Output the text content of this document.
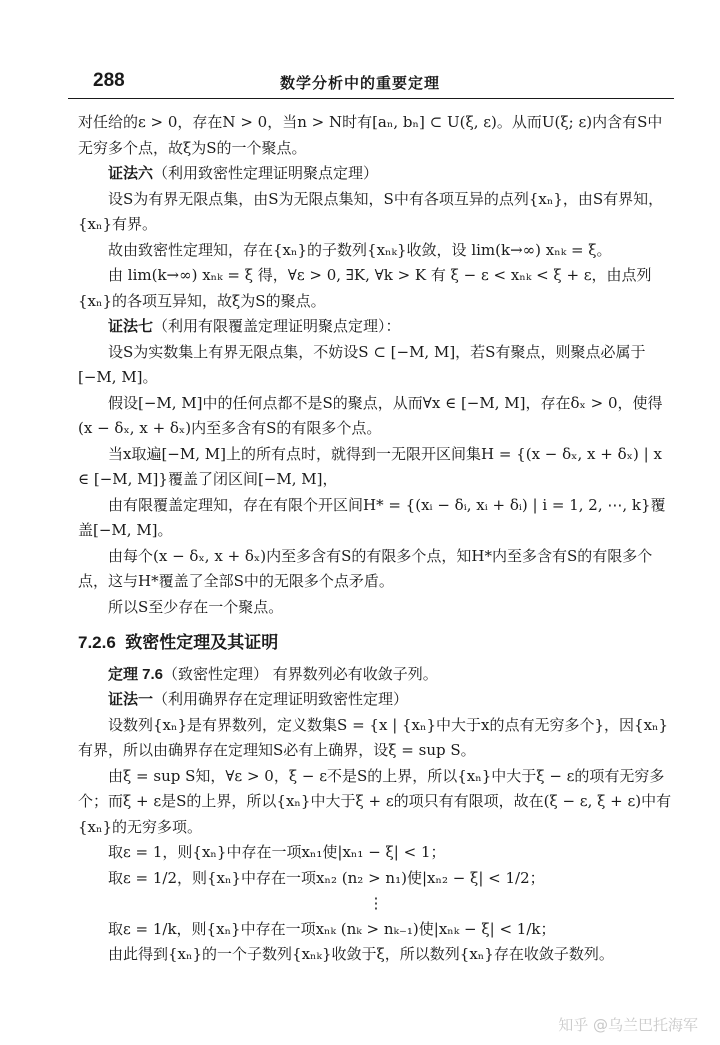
288	数学分析中的重要定理

对任给的ε > 0，存在N > 0，当n > N时有[aₙ, bₙ] ⊂ U(ξ, ε)。从而U(ξ; ε)内含有S中无穷多个点，故ξ为S的一个聚点。

证法六（利用致密性定理证明聚点定理）

设S为有界无限点集，由S为无限点集知，S中有各项互异的点列{xₙ}，由S有界知，{xₙ}有界。

故由致密性定理知，存在{xₙ}的子数列{xₙₖ}收敛，设 lim(k→∞) xₙₖ = ξ。

由 lim(k→∞) xₙₖ = ξ 得，∀ε > 0, ∃K, ∀k > K 有 ξ − ε < xₙₖ < ξ + ε，由点列{xₙ}的各项互异知，故ξ为S的聚点。

证法七（利用有限覆盖定理证明聚点定理）：

设S为实数集上有界无限点集，不妨设S ⊂ [−M, M]，若S有聚点，则聚点必属于[−M, M]。

假设[−M, M]中的任何点都不是S的聚点，从而∀x ∈ [−M, M]，存在δₓ > 0，使得(x − δₓ, x + δₓ)内至多含有S的有限多个点。

当x取遍[−M, M]上的所有点时，就得到一无限开区间集H = {(x − δₓ, x + δₓ) | x ∈ [−M, M]}覆盖了闭区间[−M, M]，

由有限覆盖定理知，存在有限个开区间H* = {(xᵢ − δᵢ, xᵢ + δᵢ) | i = 1, 2, ⋯, k}覆盖[−M, M]。

由每个(x − δₓ, x + δₓ)内至多含有S的有限多个点，知H*内至多含有S的有限多个点，这与H*覆盖了全部S中的无限多个点矛盾。

所以S至少存在一个聚点。

7.2.6 致密性定理及其证明

定理 7.6（致密性定理） 有界数列必有收敛子列。

证法一（利用确界存在定理证明致密性定理）

设数列{xₙ}是有界数列，定义数集S = {x | {xₙ}中大于x的点有无穷多个}，因{xₙ}有界，所以由确界存在定理知S必有上确界，设ξ = sup S。

由ξ = sup S知，∀ε > 0，ξ − ε不是S的上界，所以{xₙ}中大于ξ − ε的项有无穷多个；而ξ + ε是S的上界，所以{xₙ}中大于ξ + ε的项只有有限项，故在(ξ − ε, ξ + ε)中有{xₙ}的无穷多项。

取ε = 1，则{xₙ}中存在一项xₙ₁使|xₙ₁ − ξ| < 1；

取ε = 1/2，则{xₙ}中存在一项xₙ₂ (n₂ > n₁)使|xₙ₂ − ξ| < 1/2；

⋮

取ε = 1/k，则{xₙ}中存在一项xₙₖ (nₖ > nₖ₋₁)使|xₙₖ − ξ| < 1/k；

由此得到{xₙ}的一个子数列{xₙₖ}收敛于ξ，所以数列{xₙ}存在收敛子数列。

知乎 @乌兰巴托海军
